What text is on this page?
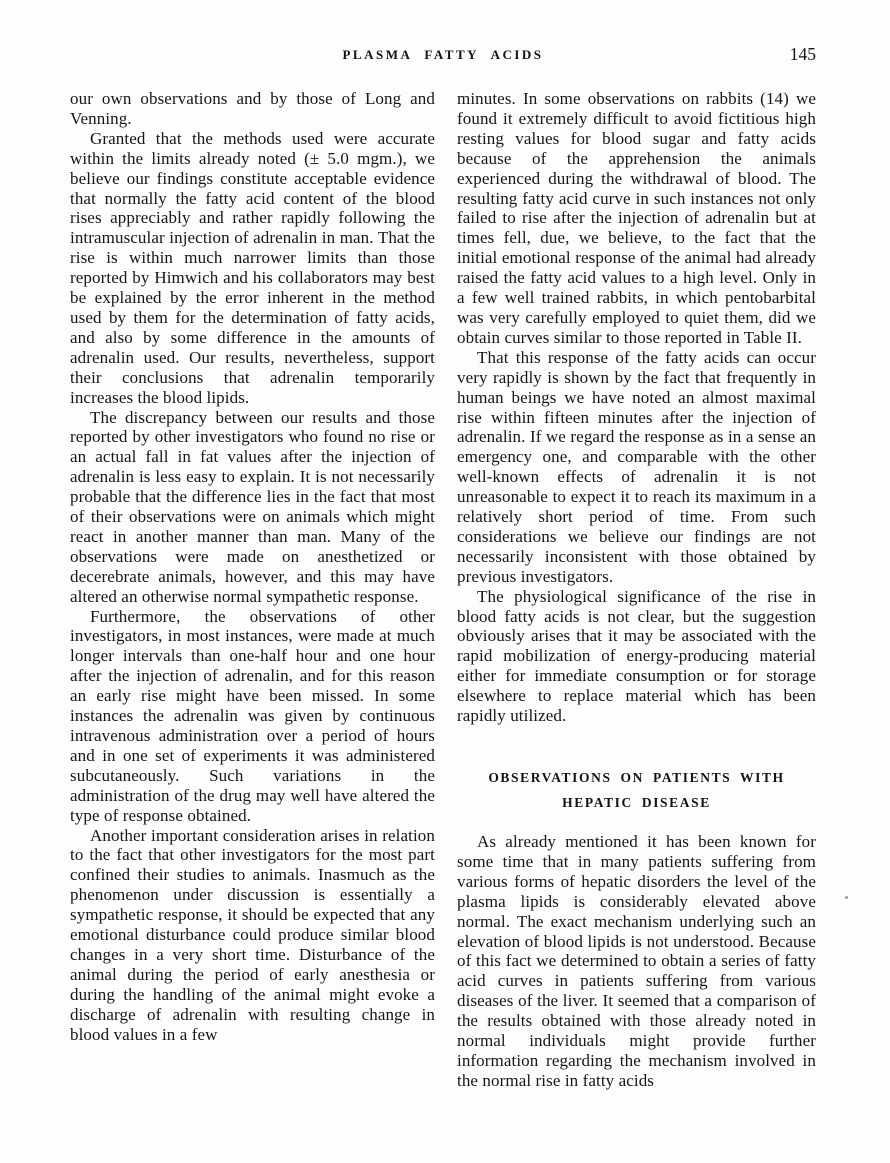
PLASMA FATTY ACIDS	145

our own observations and by those of Long and Venning.

Granted that the methods used were accurate within the limits already noted (± 5.0 mgm.), we believe our findings constitute acceptable evidence that normally the fatty acid content of the blood rises appreciably and rather rapidly following the intramuscular injection of adrenalin in man. That the rise is within much narrower limits than those reported by Himwich and his collaborators may best be explained by the error inherent in the method used by them for the determination of fatty acids, and also by some difference in the amounts of adrenalin used. Our results, nevertheless, support their conclusions that adrenalin temporarily increases the blood lipids.

The discrepancy between our results and those reported by other investigators who found no rise or an actual fall in fat values after the injection of adrenalin is less easy to explain. It is not necessarily probable that the difference lies in the fact that most of their observations were on animals which might react in another manner than man. Many of the observations were made on anesthetized or decerebrate animals, however, and this may have altered an otherwise normal sympathetic response.

Furthermore, the observations of other investigators, in most instances, were made at much longer intervals than one-half hour and one hour after the injection of adrenalin, and for this reason an early rise might have been missed. In some instances the adrenalin was given by continuous intravenous administration over a period of hours and in one set of experiments it was administered subcutaneously. Such variations in the administration of the drug may well have altered the type of response obtained.

Another important consideration arises in relation to the fact that other investigators for the most part confined their studies to animals. Inasmuch as the phenomenon under discussion is essentially a sympathetic response, it should be expected that any emotional disturbance could produce similar blood changes in a very short time. Disturbance of the animal during the period of early anesthesia or during the handling of the animal might evoke a discharge of adrenalin with resulting change in blood values in a few

minutes. In some observations on rabbits (14) we found it extremely difficult to avoid fictitious high resting values for blood sugar and fatty acids because of the apprehension the animals experienced during the withdrawal of blood. The resulting fatty acid curve in such instances not only failed to rise after the injection of adrenalin but at times fell, due, we believe, to the fact that the initial emotional response of the animal had already raised the fatty acid values to a high level. Only in a few well trained rabbits, in which pentobarbital was very carefully employed to quiet them, did we obtain curves similar to those reported in Table II.

That this response of the fatty acids can occur very rapidly is shown by the fact that frequently in human beings we have noted an almost maximal rise within fifteen minutes after the injection of adrenalin. If we regard the response as in a sense an emergency one, and comparable with the other well-known effects of adrenalin it is not unreasonable to expect it to reach its maximum in a relatively short period of time. From such considerations we believe our findings are not necessarily inconsistent with those obtained by previous investigators.

The physiological significance of the rise in blood fatty acids is not clear, but the suggestion obviously arises that it may be associated with the rapid mobilization of energy-producing material either for immediate consumption or for storage elsewhere to replace material which has been rapidly utilized.

OBSERVATIONS ON PATIENTS WITH HEPATIC DISEASE

As already mentioned it has been known for some time that in many patients suffering from various forms of hepatic disorders the level of the plasma lipids is considerably elevated above normal. The exact mechanism underlying such an elevation of blood lipids is not understood. Because of this fact we determined to obtain a series of fatty acid curves in patients suffering from various diseases of the liver. It seemed that a comparison of the results obtained with those already noted in normal individuals might provide further information regarding the mechanism involved in the normal rise in fatty acids
